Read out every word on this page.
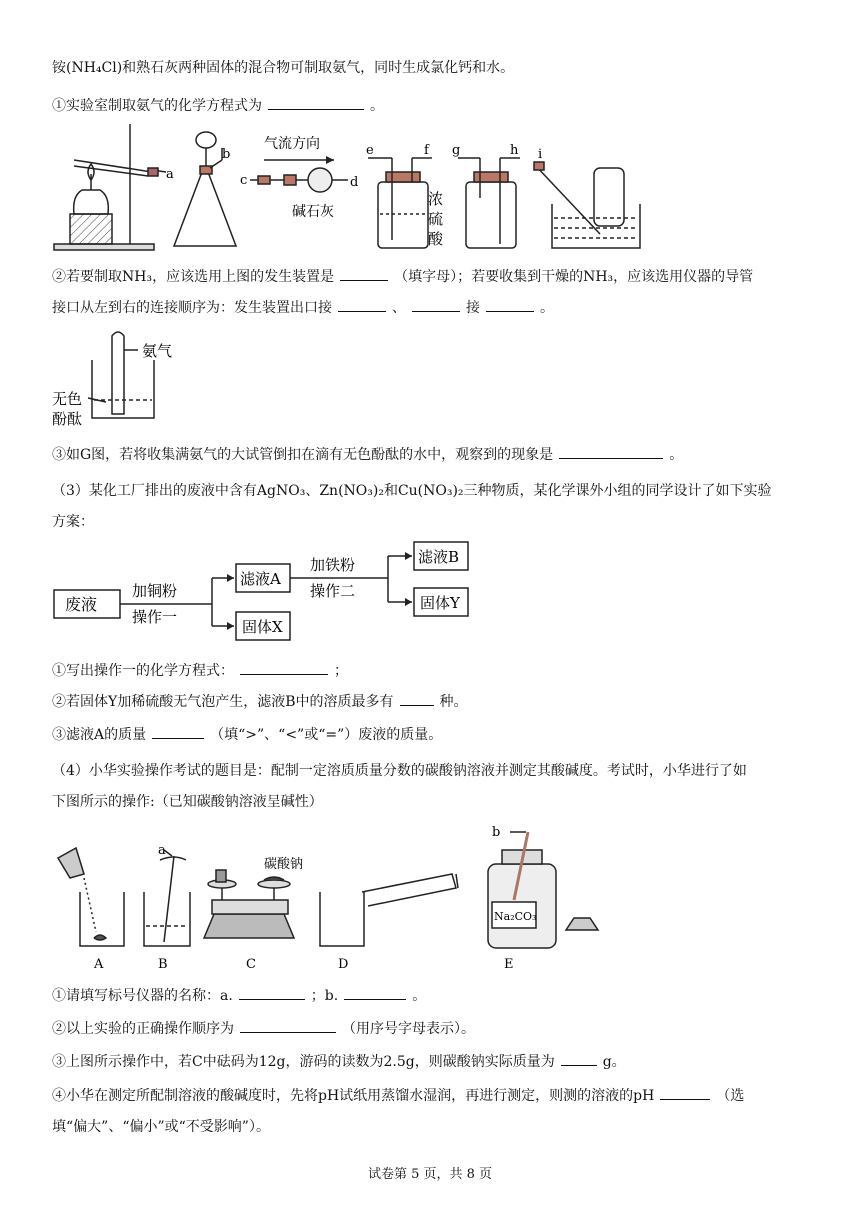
铵(NH₄Cl)和熟石灰两种固体的混合物可制取氨气，同时生成氯化钙和水。
①实验室制取氨气的化学方程式为	。
a
b
气流方向
c	d
碱石灰
e	f
浓
硫
酸
g	h i
②若要制取NH₃，应该选用上图的发生装置是	（填字母）；若要收集到干燥的NH₃，应该选用仪器的导管
接口从左到右的连接顺序为：发生装置出口接	、	接	。
氨气
无色
酚酞
③如G图，若将收集满氨气的大试管倒扣在滴有无色酚酞的水中，观察到的现象是	。
（3）某化工厂排出的废液中含有AgNO₃、Zn(NO₃)₂和Cu(NO₃)₂三种物质，某化学课外小组的同学设计了如下实验
方案：
废液
加铜粉
操作一
滤液A
固体X
加铁粉
操作二
滤液B
固体Y
①写出操作一的化学方程式：	；
②若固体Y加稀硫酸无气泡产生，滤液B中的溶质最多有	种。
③滤液A的质量	（填“>”、“<”或“=”）废液的质量。
（4）小华实验操作考试的题目是：配制一定溶质质量分数的碳酸钠溶液并测定其酸碱度。考试时，小华进行了如
下图所示的操作:（已知碳酸钠溶液呈碱性）
a
b
碳酸钠
Na₂CO₃
A	B	C	D	E
①请填写标号仪器的名称：a.	；b.	。
②以上实验的正确操作顺序为	（用序号字母表示）。
③上图所示操作中，若C中砝码为12g，游码的读数为2.5g，则碳酸钠实际质量为	g。
④小华在测定所配制溶液的酸碱度时，先将pH试纸用蒸馏水湿润，再进行测定，则测的溶液的pH	（选
填“偏大”、“偏小”或“不受影响”）。
试卷第 5 页，共 8 页
